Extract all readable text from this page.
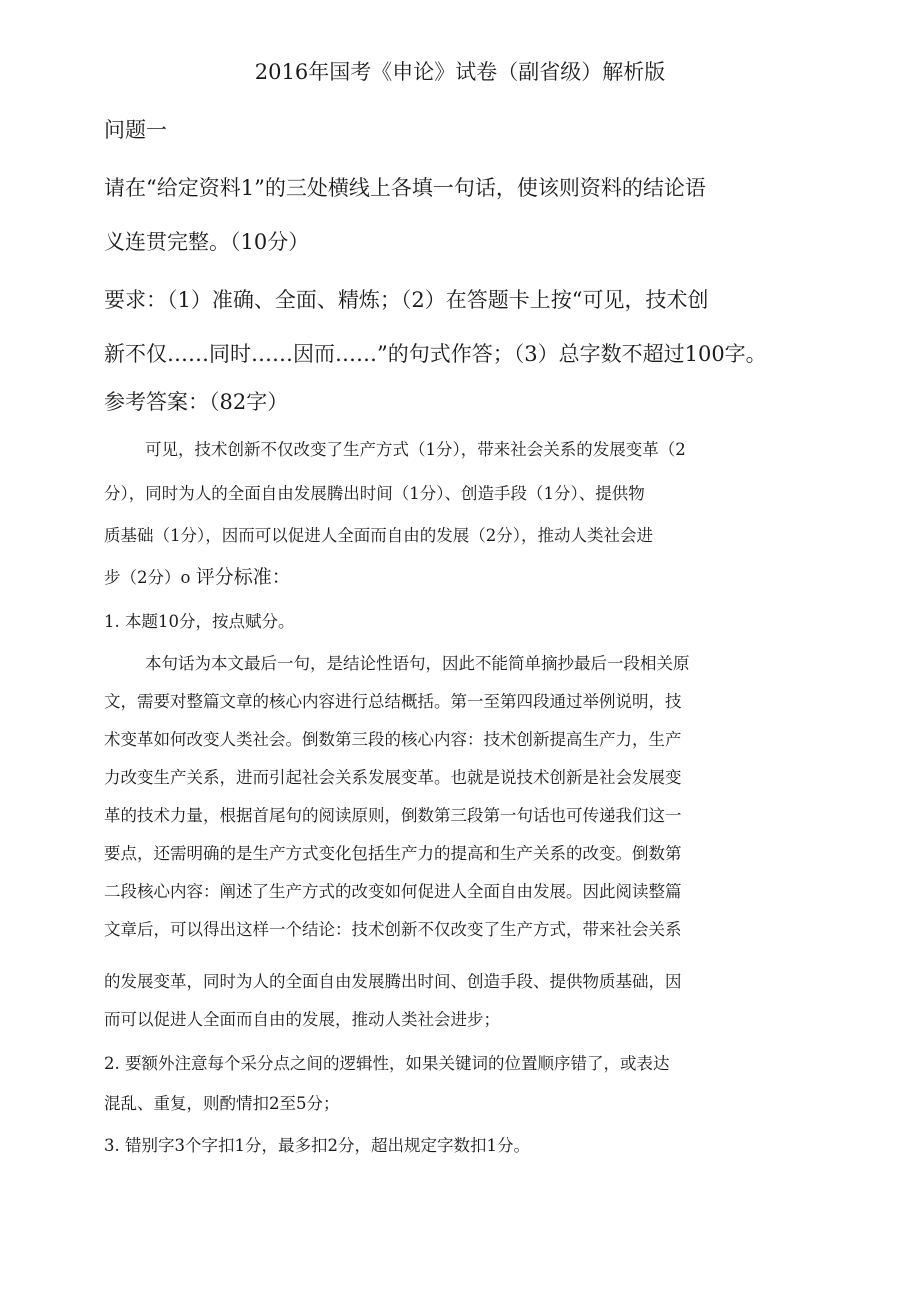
2016年国考《申论》试卷（副省级）解析版
问题一
请在“给定资料1”的三处横线上各填一句话，使该则资料的结论语
义连贯完整。（10分）
要求：（1）准确、全面、精炼；（2）在答题卡上按“可见，技术创
新不仅……同时……因而……”的句式作答；（3）总字数不超过100字。
参考答案：（82字）
可见，技术创新不仅改变了生产方式（1分），带来社会关系的发展变革（2
分），同时为人的全面自由发展腾出时间（1分）、创造手段（1分）、提供物
质基础（1分），因而可以促进人全面而自由的发展（2分），推动人类社会进
步（2分）o 评分标准：
1. 本题10分，按点赋分。
本句话为本文最后一句，是结论性语句，因此不能简单摘抄最后一段相关原
文，需要对整篇文章的核心内容进行总结概括。第一至第四段通过举例说明，技
术变革如何改变人类社会。倒数第三段的核心内容：技术创新提高生产力，生产
力改变生产关系，进而引起社会关系发展变革。也就是说技术创新是社会发展变
革的技术力量，根据首尾句的阅读原则，倒数第三段第一句话也可传递我们这一
要点，还需明确的是生产方式变化包括生产力的提高和生产关系的改变。倒数第
二段核心内容：阐述了生产方式的改变如何促进人全面自由发展。因此阅读整篇
文章后，可以得出这样一个结论：技术创新不仅改变了生产方式，带来社会关系
的发展变革，同时为人的全面自由发展腾出时间、创造手段、提供物质基础，因
而可以促进人全面而自由的发展，推动人类社会进步；
2. 要额外注意每个采分点之间的逻辑性，如果关键词的位置顺序错了，或表达
混乱、重复，则酌情扣2至5分；
3. 错别字3个字扣1分，最多扣2分，超出规定字数扣1分。
